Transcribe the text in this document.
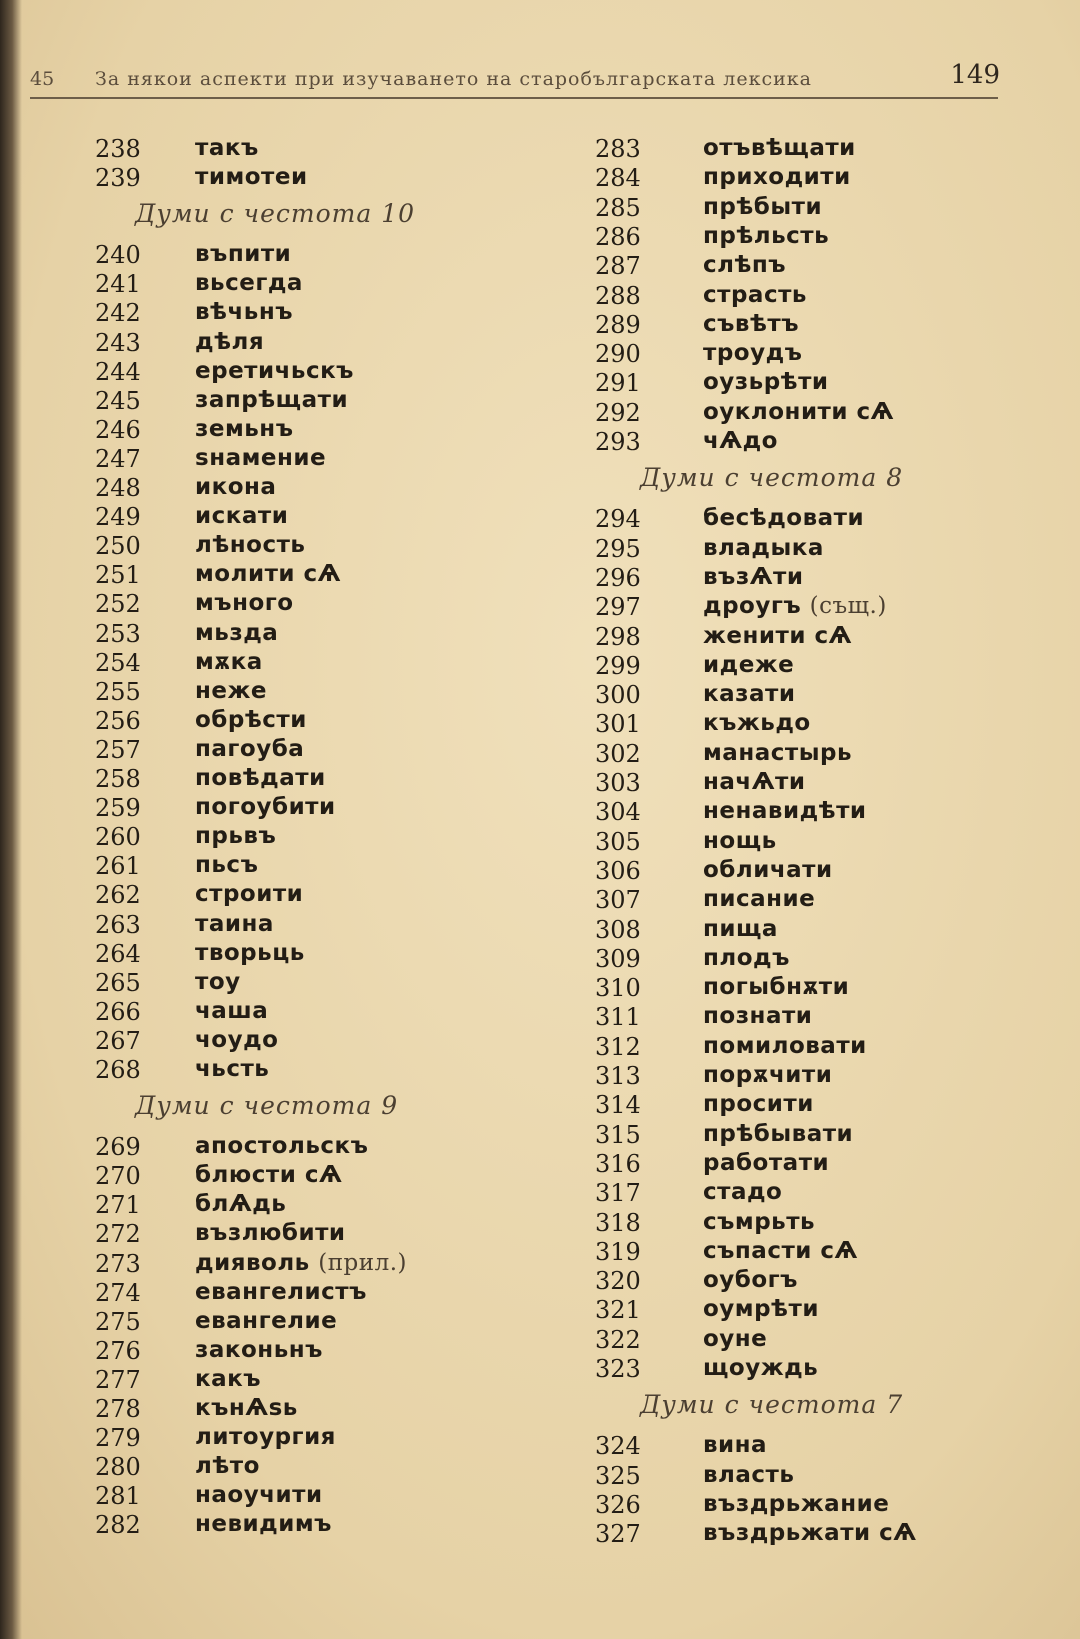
45 За някои аспекти при изучаването на старобългарската лексика	149
238 такъ
239 тимотеи
Думи с честота 10
240 въпити
241 вьсегда
242 вѣчьнъ
243 дѣля
244 еретичьскъ
245 запрѣщати
246 земьнъ
247 ѕнамение
248 икона
249 искати
250 лѣность
251 молити сѦ
252 мъного
253 мьзда
254 мѫка
255 неже
256 обрѣсти
257 пагоуба
258 повѣдати
259 погоубити
260 прьвъ
261 пьсъ
262 строити
263 таина
264 творьць
265 тоу
266 чаша
267 чоудо
268 чьсть
Думи с честота 9
269 апостольскъ
270 блюсти сѦ
271 блѦдь
272 възлюбити
273 дияволь (прил.)
274 евангелистъ
275 евангелие
276 законьнъ
277 какъ
278 кънѦѕь
279 литоургия
280 лѣто
281 наоучити
282 невидимъ
283	отъвѣщати
284	приходити
285	прѣбыти
286	прѣльсть
287	слѣпъ
288	страсть
289	съвѣтъ
290	троудъ
291	оузьрѣти
292	оуклонити сѦ
293	чѦдо
Думи с честота 8
294	бесѣдовати
295	владыка
296	възѦти
297	дроугъ (същ.)
298	женити сѦ
299	идеже
300	казати
301	къжьдо
302	манастырь
303	начѦти
304	ненавидѣти
305	нощь
306	обличати
307	писание
308	пища
309	плодъ
310	погыбнѫти
311	познати
312	помиловати
313	порѫчити
314	просити
315	прѣбывати
316	работати
317	стадо
318	съмрьть
319	съпасти сѦ
320	оубогъ
321	оумрѣти
322	оуне
323	щоуждь
Думи с честота 7
324	вина
325	власть
326	въздрьжание
327	въздрьжати сѦ
